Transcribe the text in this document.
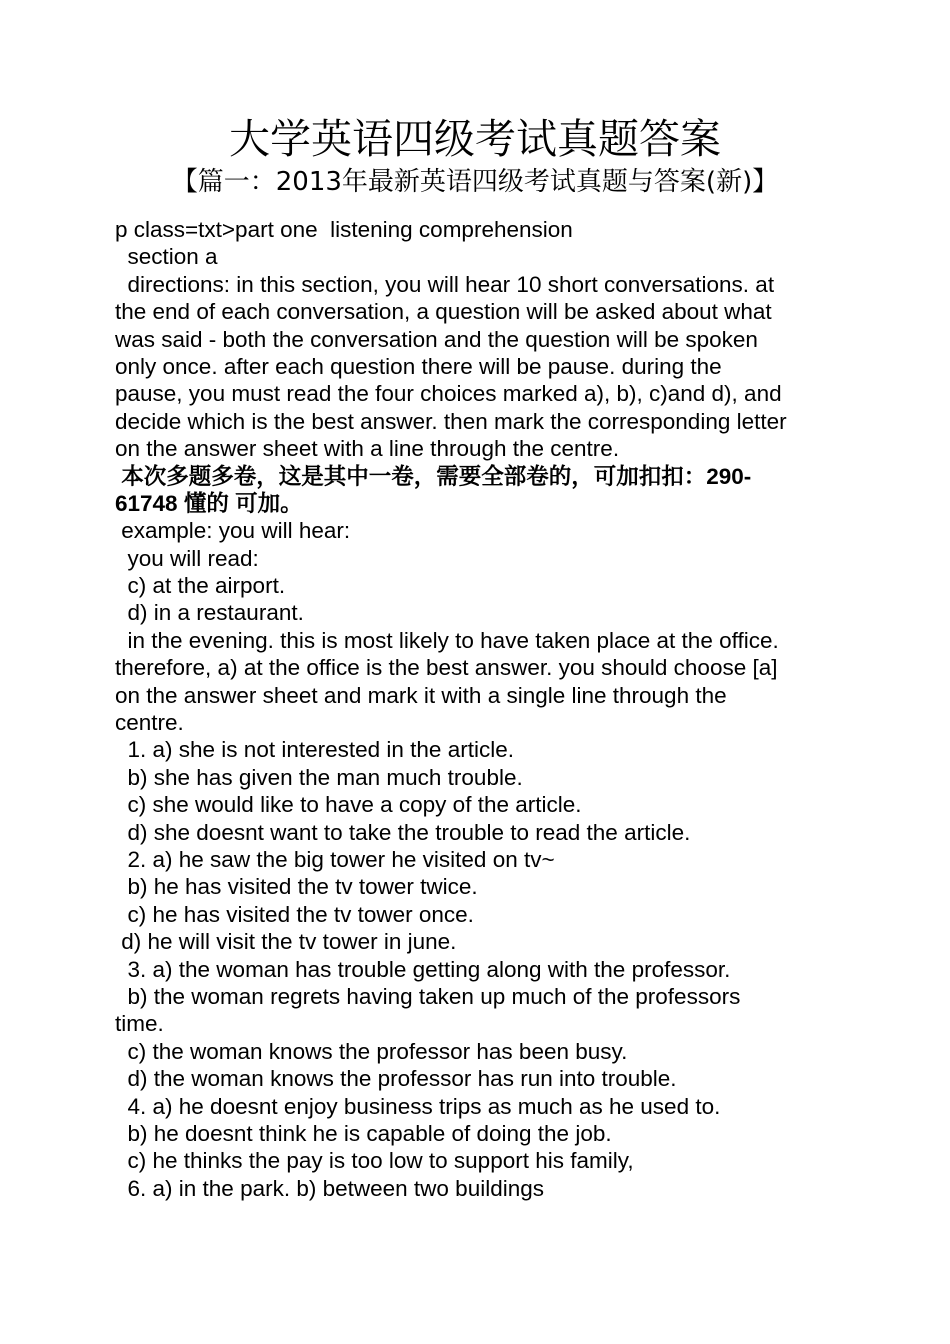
大学英语四级考试真题答案
【篇一：2013年最新英语四级考试真题与答案(新)】
p class=txt>part one  listening comprehension
section a
directions: in this section, you will hear 10 short conversations. at
the end of each conversation, a question will be asked about what
was said - both the conversation and the question will be spoken
only once. after each question there will be pause. during the
pause, you must read the four choices marked a), b), c)and d), and
decide which is the best answer. then mark the corresponding letter
on the answer sheet with a line through the centre.
本次多题多卷，这是其中一卷，需要全部卷的，可加扣扣：290-
61748 懂的 可加。
example: you will hear:
you will read:
c) at the airport.
d) in a restaurant.
in the evening. this is most likely to have taken place at the office.
therefore, a) at the office is the best answer. you should choose [a]
on the answer sheet and mark it with a single line through the
centre.
1. a) she is not interested in the article.
b) she has given the man much trouble.
c) she would like to have a copy of the article.
d) she doesnt want to take the trouble to read the article.
2. a) he saw the big tower he visited on tv~
b) he has visited the tv tower twice.
c) he has visited the tv tower once.
d) he will visit the tv tower in june.
3. a) the woman has trouble getting along with the professor.
b) the woman regrets having taken up much of the professors
time.
c) the woman knows the professor has been busy.
d) the woman knows the professor has run into trouble.
4. a) he doesnt enjoy business trips as much as he used to.
b) he doesnt think he is capable of doing the job.
c) he thinks the pay is too low to support his family,
6. a) in the park. b) between two buildings
